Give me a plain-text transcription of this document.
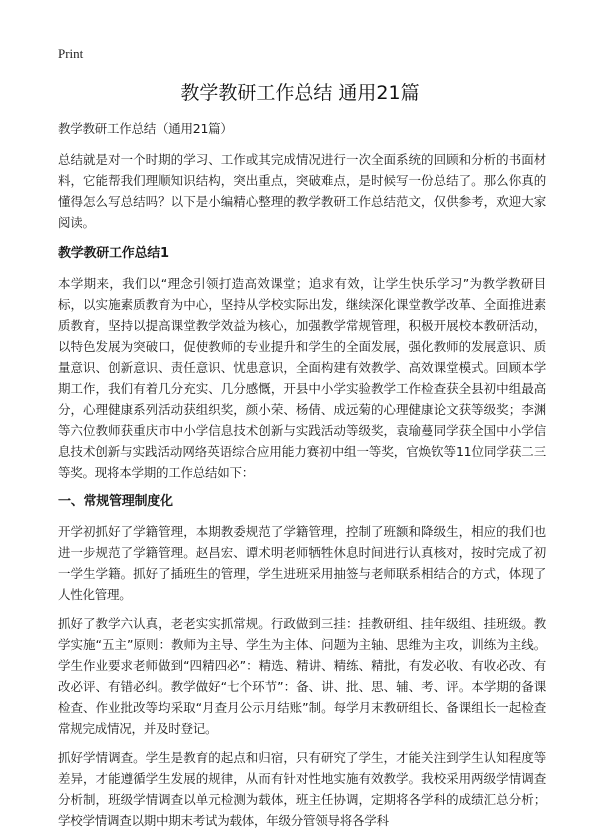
Print
教学教研工作总结 通用21篇

教学教研工作总结（通用21篇）

总结就是对一个时期的学习、工作或其完成情况进行一次全面系统的回顾和分析的书面材料，它能帮我们理顺知识结构，突出重点，突破难点，是时候写一份总结了。那么你真的懂得怎么写总结吗？以下是小编精心整理的教学教研工作总结范文，仅供参考，欢迎大家阅读。

教学教研工作总结1

本学期来，我们以“理念引领打造高效课堂；追求有效，让学生快乐学习”为教学教研目标，以实施素质教育为中心，坚持从学校实际出发，继续深化课堂教学改革、全面推进素质教育，坚持以提高课堂教学效益为核心，加强教学常规管理，积极开展校本教研活动，以特色发展为突破口，促使教师的专业提升和学生的全面发展，强化教师的发展意识、质量意识、创新意识、责任意识、忧患意识，全面构建有效教学、高效课堂模式。回顾本学期工作，我们有着几分充实、几分感慨，开县中小学实验教学工作检查获全县初中组最高分，心理健康系列活动获组织奖，颜小荣、杨倩、成远菊的心理健康论文获等级奖；李渊等六位教师获重庆市中小学信息技术创新与实践活动等级奖，袁瑜蔓同学获全国中小学信息技术创新与实践活动网络英语综合应用能力赛初中组一等奖，官焕钦等11位同学获二三等奖。现将本学期的工作总结如下：

一、常规管理制度化

开学初抓好了学籍管理，本期教委规范了学籍管理，控制了班额和降级生，相应的我们也进一步规范了学籍管理。赵昌宏、谭术明老师牺牲休息时间进行认真核对，按时完成了初一学生学籍。抓好了插班生的管理，学生进班采用抽签与老师联系相结合的方式，体现了人性化管理。

抓好了教学六认真，老老实实抓常规。行政做到三挂：挂教研组、挂年级组、挂班级。教学实施“五主”原则：教师为主导、学生为主体、问题为主轴、思维为主攻，训练为主线。学生作业要求老师做到“四精四必”：精选、精讲、精练、精批，有发必收、有收必改、有改必评、有错必纠。教学做好“七个环节”：备、讲、批、思、辅、考、评。本学期的备课检查、作业批改等均采取“月查月公示月结账”制。每学月末教研组长、备课组长一起检查常规完成情况，并及时登记。

抓好学情调查。学生是教育的起点和归宿，只有研究了学生，才能关注到学生认知程度等差异，才能遵循学生发展的规律，从而有针对性地实施有效教学。我校采用两级学情调查分析制，班级学情调查以单元检测为载体，班主任协调，定期将各学科的成绩汇总分析；学校学情调查以期中期末考试为载体，年级分管领导将各学科
